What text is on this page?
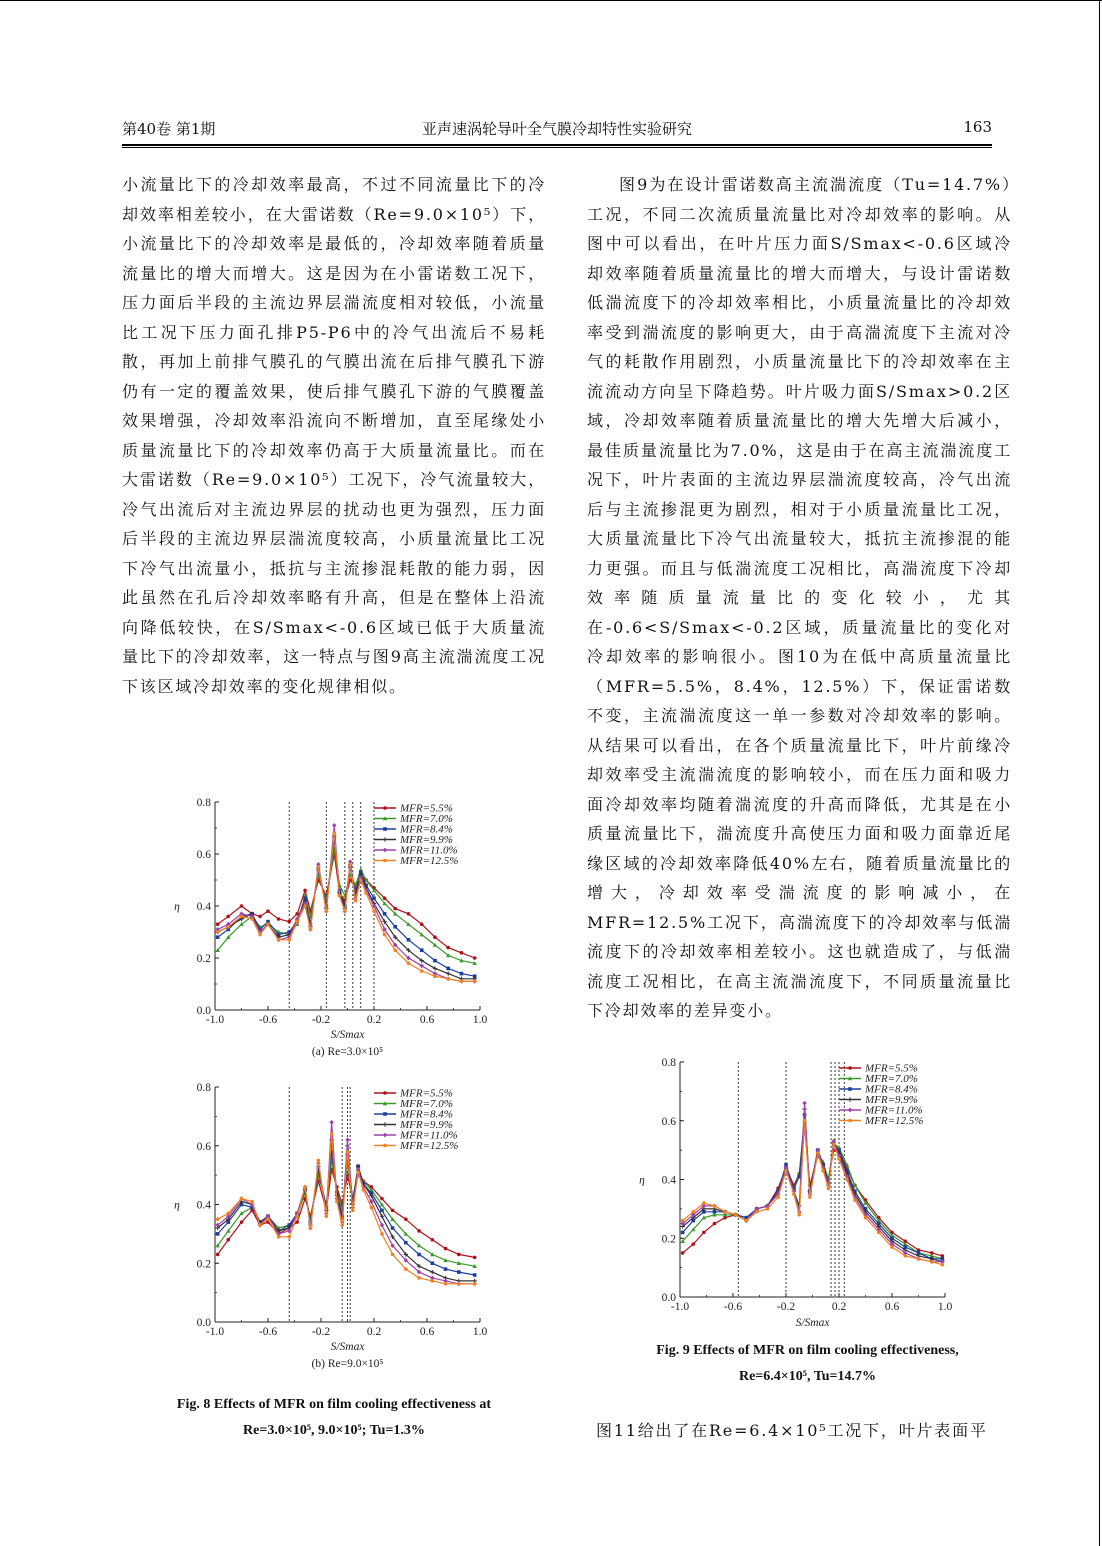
第40卷 第1期	亚声速涡轮导叶全气膜冷却特性实验研究	163

小流量比下的冷却效率最高，不过不同流量比下的冷却效率相差较小，在大雷诺数（Re=9.0×10⁵）下，小流量比下的冷却效率是最低的，冷却效率随着质量流量比的增大而增大。这是因为在小雷诺数工况下，压力面后半段的主流边界层湍流度相对较低，小流量比工况下压力面孔排P5-P6中的冷气出流后不易耗散，再加上前排气膜孔的气膜出流在后排气膜孔下游仍有一定的覆盖效果，使后排气膜孔下游的气膜覆盖效果增强，冷却效率沿流向不断增加，直至尾缘处小质量流量比下的冷却效率仍高于大质量流量比。而在大雷诺数（Re=9.0×10⁵）工况下，冷气流量较大，冷气出流后对主流边界层的扰动也更为强烈，压力面后半段的主流边界层湍流度较高，小质量流量比工况下冷气出流量小，抵抗与主流掺混耗散的能力弱，因此虽然在孔后冷却效率略有升高，但是在整体上沿流向降低较快，在S/Smax<-0.6区域已低于大质量流量比下的冷却效率，这一特点与图9高主流湍流度工况下该区域冷却效率的变化规律相似。

图9为在设计雷诺数高主流湍流度（Tu=14.7%）工况，不同二次流质量流量比对冷却效率的影响。从图中可以看出，在叶片压力面S/Smax<-0.6区域冷却效率随着质量流量比的增大而增大，与设计雷诺数低湍流度下的冷却效率相比，小质量流量比的冷却效率受到湍流度的影响更大，由于高湍流度下主流对冷气的耗散作用剧烈，小质量流量比下的冷却效率在主流流动方向呈下降趋势。叶片吸力面S/Smax>0.2区域，冷却效率随着质量流量比的增大先增大后减小，最佳质量流量比为7.0%，这是由于在高主流湍流度工况下，叶片表面的主流边界层湍流度较高，冷气出流后与主流掺混更为剧烈，相对于小质量流量比工况，大质量流量比下冷气出流量较大，抵抗主流掺混的能力更强。而且与低湍流度工况相比，高湍流度下冷却效率随质量流量比的变化较小，尤其在-0.6<S/Smax<-0.2区域，质量流量比的变化对冷却效率的影响很小。图10为在低中高质量流量比（MFR=5.5%，8.4%，12.5%）下，保证雷诺数不变，主流湍流度这一单一参数对冷却效率的影响。从结果可以看出，在各个质量流量比下，叶片前缘冷却效率受主流湍流度的影响较小，而在压力面和吸力面冷却效率均随着湍流度的升高而降低，尤其是在小质量流量比下，湍流度升高使压力面和吸力面靠近尾缘区域的冷却效率降低40%左右，随着质量流量比的增大，冷却效率受湍流度的影响减小，在MFR=12.5%工况下，高湍流度下的冷却效率与低湍流度下的冷却效率相差较小。这也就造成了，与低湍流度工况相比，在高主流湍流度下，不同质量流量比下冷却效率的差异变小。

0.0
0.2
0.4
0.6
0.8
-1.0	-0.6	-0.2	0.2	0.6	1.0
η
S/Smax
(a) Re=3.0×10⁵
MFR=5.5%
MFR=7.0%
MFR=8.4%
MFR=9.9%
MFR=11.0%
MFR=12.5%
0.0
0.2
0.4
0.6
0.8
-1.0	-0.6	-0.2	0.2	0.6	1.0
η
S/Smax
(b) Re=9.0×10⁵
MFR=5.5%
MFR=7.0%
MFR=8.4%
MFR=9.9%
MFR=11.0%
MFR=12.5%
Fig. 8 Effects of MFR on film cooling effectiveness at
Re=3.0×10⁵, 9.0×10⁵; Tu=1.3%
0.0
0.2
0.4
0.6
0.8
-1.0	-0.6	-0.2	0.2	0.6	1.0
η
S/Smax
MFR=5.5%
MFR=7.0%
MFR=8.4%
MFR=9.9%
MFR=11.0%
MFR=12.5%
Fig. 9 Effects of MFR on film cooling effectiveness,
Re=6.4×10⁵, Tu=14.7%
图11给出了在Re=6.4×10⁵工况下，叶片表面平
